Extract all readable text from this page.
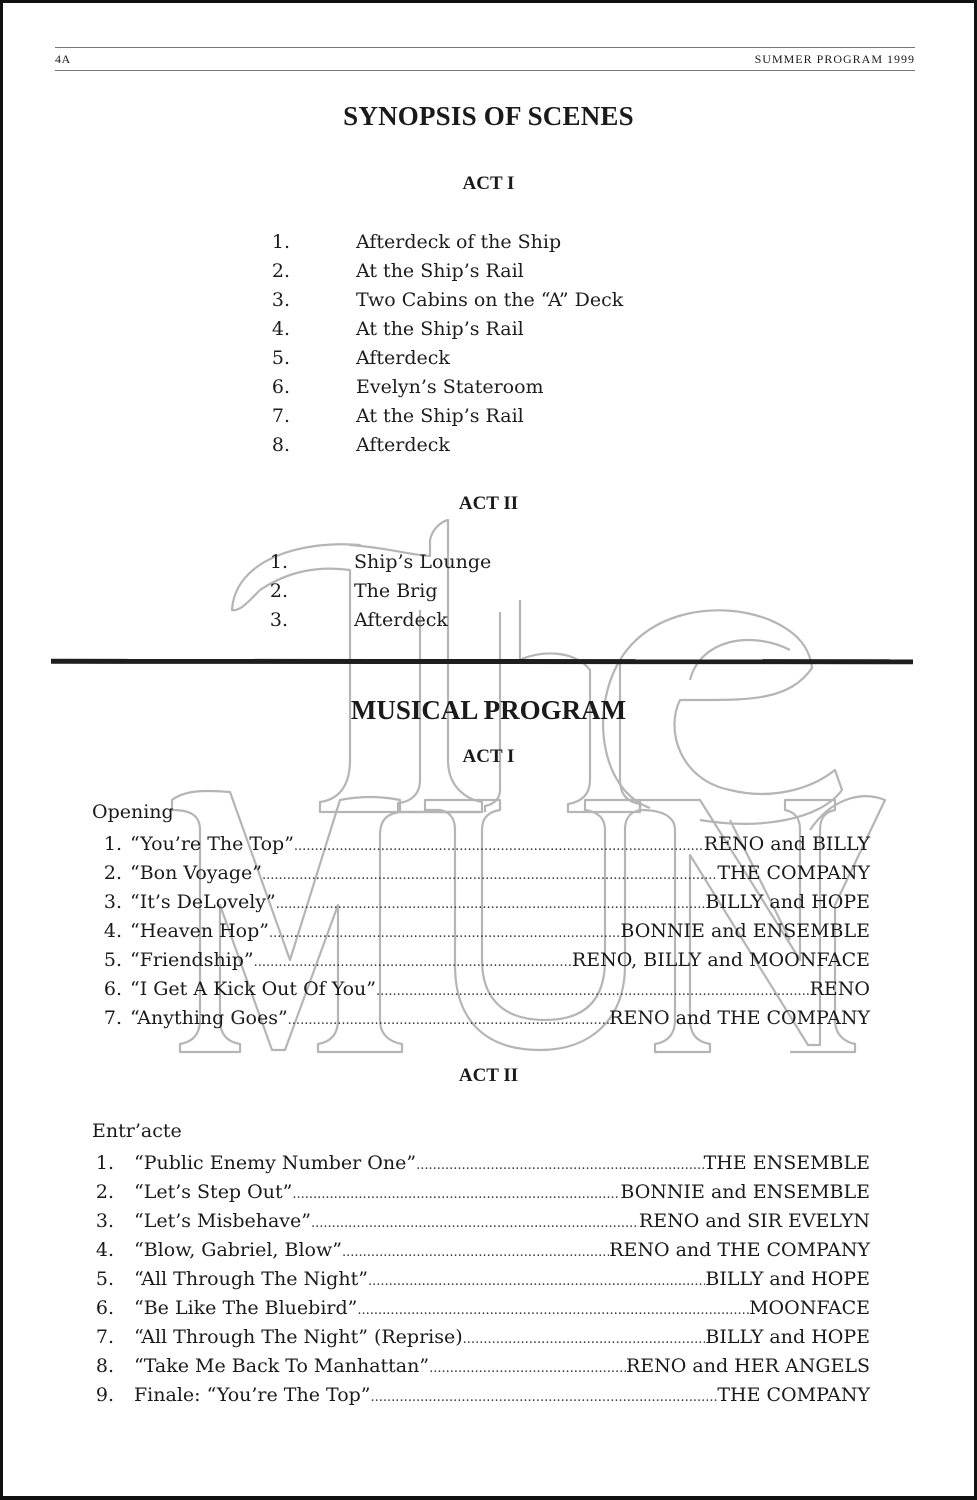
4A	SUMMER PROGRAM 1999
SYNOPSIS OF SCENES
ACT I
1.	Afterdeck of the Ship
2.	At the Ship’s Rail
3.	Two Cabins on the “A” Deck
4.	At the Ship’s Rail
5.	Afterdeck
6.	Evelyn’s Stateroom
7.	At the Ship’s Rail
8.	Afterdeck
ACT II
1.	Ship’s Lounge
2.	The Brig
3.	Afterdeck
MUSICAL PROGRAM
ACT I
Opening
1. “You’re The Top” .....	RENO and BILLY
2. “Bon Voyage” .....	THE COMPANY
3. “It’s DeLovely” .....	BILLY and HOPE
4. “Heaven Hop” .....	BONNIE and ENSEMBLE
5. “Friendship” .....	RENO, BILLY and MOONFACE
6. “I Get A Kick Out Of You” .....	RENO
7. “Anything Goes” .....	RENO and THE COMPANY
ACT II
Entr’acte
1.	“Public Enemy Number One” .....	THE ENSEMBLE
2.	“Let’s Step Out” .....	BONNIE and ENSEMBLE
3.	“Let’s Misbehave” .....	RENO and SIR EVELYN
4.	“Blow, Gabriel, Blow” .....	RENO and THE COMPANY
5.	“All Through The Night” .....	BILLY and HOPE
6.	“Be Like The Bluebird” .....	MOONFACE
7.	“All Through The Night” (Reprise) .....	BILLY and HOPE
8.	“Take Me Back To Manhattan” .....	RENO and HER ANGELS
9.	Finale: “You’re The Top” .....	THE COMPANY
